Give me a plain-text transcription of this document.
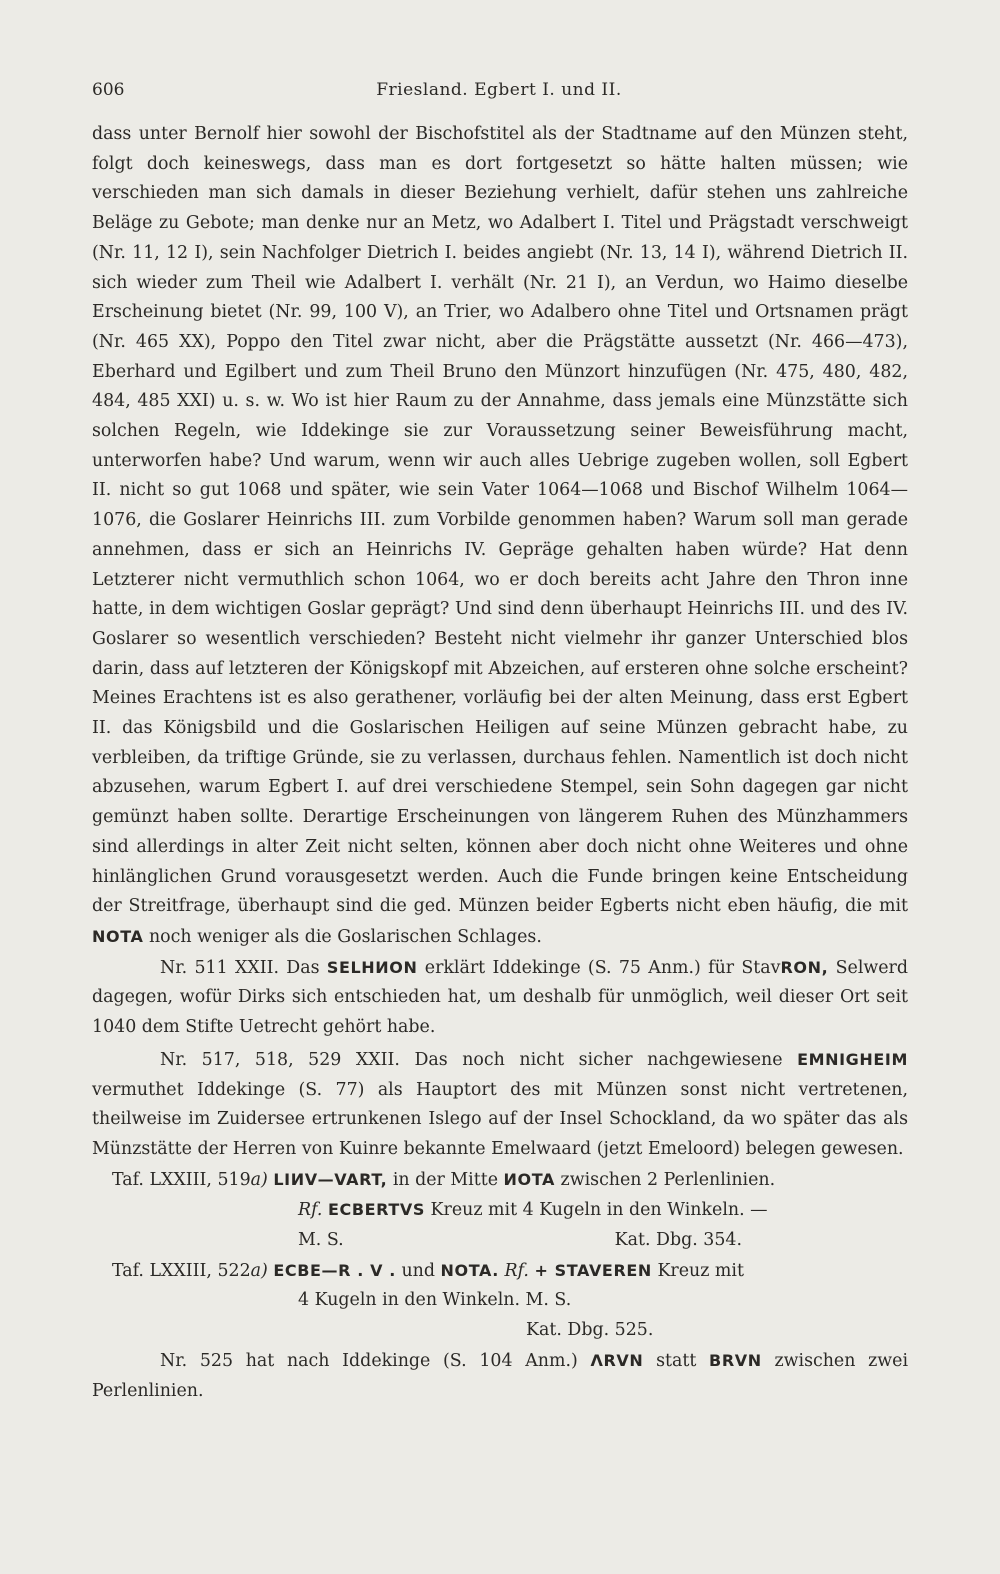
606	Friesland. Egbert I. und II.

dass unter Bernolf hier sowohl der Bischofstitel als der Stadtname auf den Münzen steht, folgt doch keineswegs, dass man es dort fortgesetzt so hätte halten müssen; wie verschieden man sich damals in dieser Beziehung verhielt, dafür stehen uns zahlreiche Beläge zu Gebote; man denke nur an Metz, wo Adalbert I. Titel und Prägstadt verschweigt (Nr. 11, 12 I), sein Nachfolger Dietrich I. beides angiebt (Nr. 13, 14 I), während Dietrich II. sich wieder zum Theil wie Adalbert I. verhält (Nr. 21 I), an Verdun, wo Haimo dieselbe Erscheinung bietet (Nr. 99, 100 V), an Trier, wo Adalbero ohne Titel und Ortsnamen prägt (Nr. 465 XX), Poppo den Titel zwar nicht, aber die Prägstätte aussetzt (Nr. 466—473), Eberhard und Egilbert und zum Theil Bruno den Münzort hinzufügen (Nr. 475, 480, 482, 484, 485 XXI) u. s. w. Wo ist hier Raum zu der Annahme, dass jemals eine Münzstätte sich solchen Regeln, wie Iddekinge sie zur Voraussetzung seiner Beweisführung macht, unterworfen habe? Und warum, wenn wir auch alles Uebrige zugeben wollen, soll Egbert II. nicht so gut 1068 und später, wie sein Vater 1064—1068 und Bischof Wilhelm 1064—1076, die Goslarer Heinrichs III. zum Vorbilde genommen haben? Warum soll man gerade annehmen, dass er sich an Heinrichs IV. Gepräge gehalten haben würde? Hat denn Letzterer nicht vermuthlich schon 1064, wo er doch bereits acht Jahre den Thron inne hatte, in dem wichtigen Goslar geprägt? Und sind denn überhaupt Heinrichs III. und des IV. Goslarer so wesentlich verschieden? Besteht nicht vielmehr ihr ganzer Unterschied blos darin, dass auf letzteren der Königskopf mit Abzeichen, auf ersteren ohne solche erscheint? Meines Erachtens ist es also gerathener, vorläufig bei der alten Meinung, dass erst Egbert II. das Königsbild und die Goslarischen Heiligen auf seine Münzen gebracht habe, zu verbleiben, da triftige Gründe, sie zu verlassen, durchaus fehlen. Namentlich ist doch nicht abzusehen, warum Egbert I. auf drei verschiedene Stempel, sein Sohn dagegen gar nicht gemünzt haben sollte. Derartige Erscheinungen von längerem Ruhen des Münzhammers sind allerdings in alter Zeit nicht selten, können aber doch nicht ohne Weiteres und ohne hinlänglichen Grund vorausgesetzt werden. Auch die Funde bringen keine Entscheidung der Streitfrage, überhaupt sind die ged. Münzen beider Egberts nicht eben häufig, die mit NOTA noch weniger als die Goslarischen Schlages.

Nr. 511 XXII. Das SELHИON erklärt Iddekinge (S. 75 Anm.) für StavRON, Selwerd dagegen, wofür Dirks sich entschieden hat, um deshalb für unmöglich, weil dieser Ort seit 1040 dem Stifte Uetrecht gehört habe.

Nr. 517, 518, 529 XXII. Das noch nicht sicher nachgewiesene EMNIGHEIM vermuthet Iddekinge (S. 77) als Hauptort des mit Münzen sonst nicht vertretenen, theilweise im Zuidersee ertrunkenen Islego auf der Insel Schockland, da wo später das als Münzstätte der Herren von Kuinre bekannte Emelwaard (jetzt Emeloord) belegen gewesen.

Taf. LXXIII, 519a) LIИV—VART, in der Mitte ИOTA zwischen 2 Perlenlinien.
Rf. ECBERTVS Kreuz mit 4 Kugeln in den Winkeln. —
M. S.	Kat. Dbg. 354.
Taf. LXXIII, 522a) ECBE—R . V . und NOTA. Rf. + STAVEREN Kreuz mit
4 Kugeln in den Winkeln. M. S.
Kat. Dbg. 525.

Nr. 525 hat nach Iddekinge (S. 104 Anm.) ΛRVN statt BRVN zwischen zwei Perlenlinien.
